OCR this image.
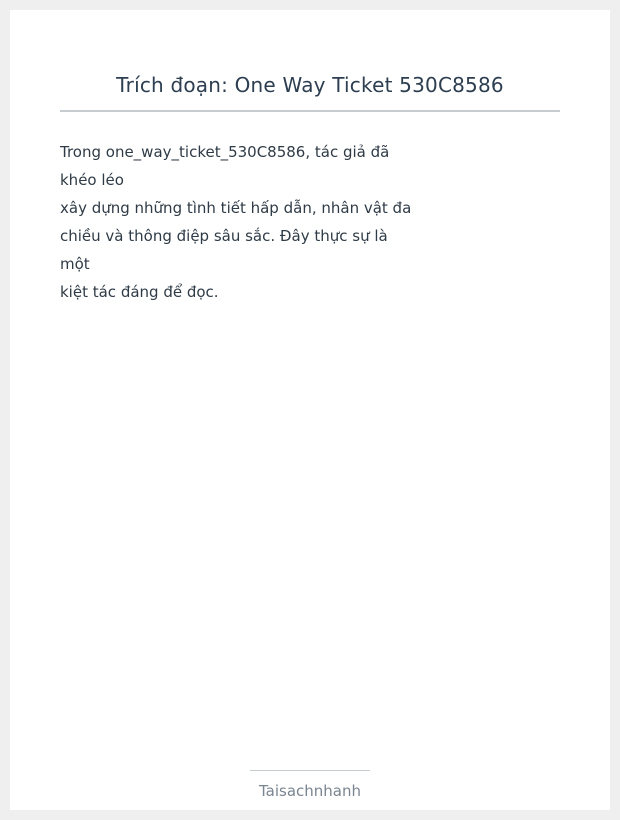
Trích đoạn: One Way Ticket 530C8586

Trong one_way_ticket_530C8586, tác giả đã
khéo léo
xây dựng những tình tiết hấp dẫn, nhân vật đa
chiều và thông điệp sâu sắc. Đây thực sự là
một
kiệt tác đáng để đọc.

Taisachnhanh
